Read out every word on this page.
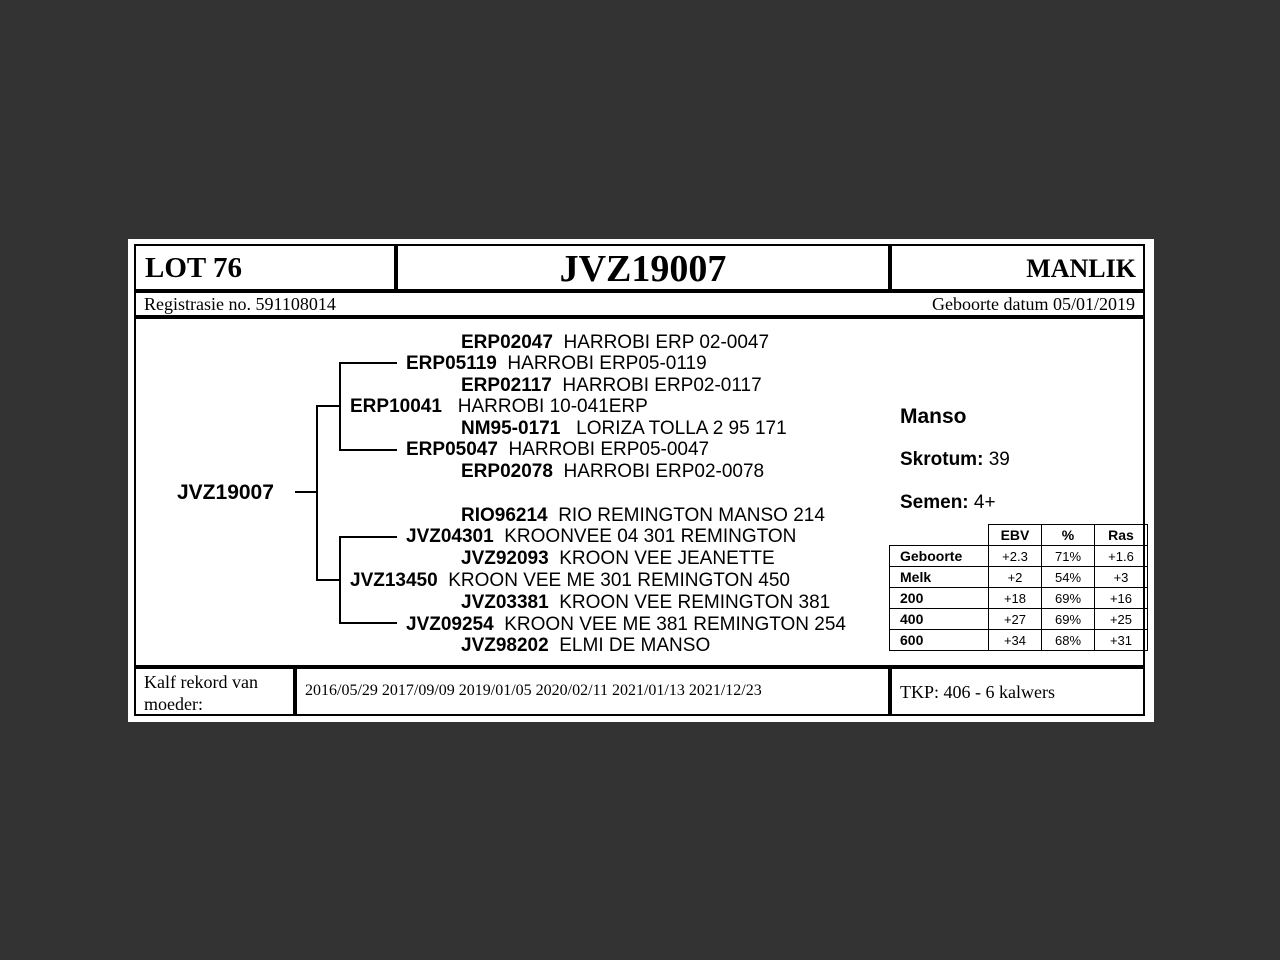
LOT 76	JVZ19007	MANLIK
Registrasie no. 591108014	Geboorte datum 05/01/2019
JVZ19007
ERP02047 HARROBI ERP 02-0047
ERP05119 HARROBI ERP05-0119
ERP02117 HARROBI ERP02-0117
ERP10041 HARROBI 10-041ERP
NM95-0171 LORIZA TOLLA 2 95 171
ERP05047 HARROBI ERP05-0047
ERP02078 HARROBI ERP02-0078
RIO96214 RIO REMINGTON MANSO 214
JVZ04301 KROONVEE 04 301 REMINGTON
JVZ92093 KROON VEE JEANETTE
JVZ13450 KROON VEE ME 301 REMINGTON 450
JVZ03381 KROON VEE REMINGTON 381
JVZ09254 KROON VEE ME 381 REMINGTON 254
JVZ98202 ELMI DE MANSO
Manso
Skrotum: 39
Semen: 4+
	EBV	%	Ras
Geboorte	+2.3	71%	+1.6
Melk	+2	54%	+3
200	+18	69%	+16
400	+27	69%	+25
600	+34	68%	+31
Kalf rekord van
moeder:
2016/05/29 2017/09/09 2019/01/05 2020/02/11 2021/01/13 2021/12/23	TKP: 406 - 6 kalwers
